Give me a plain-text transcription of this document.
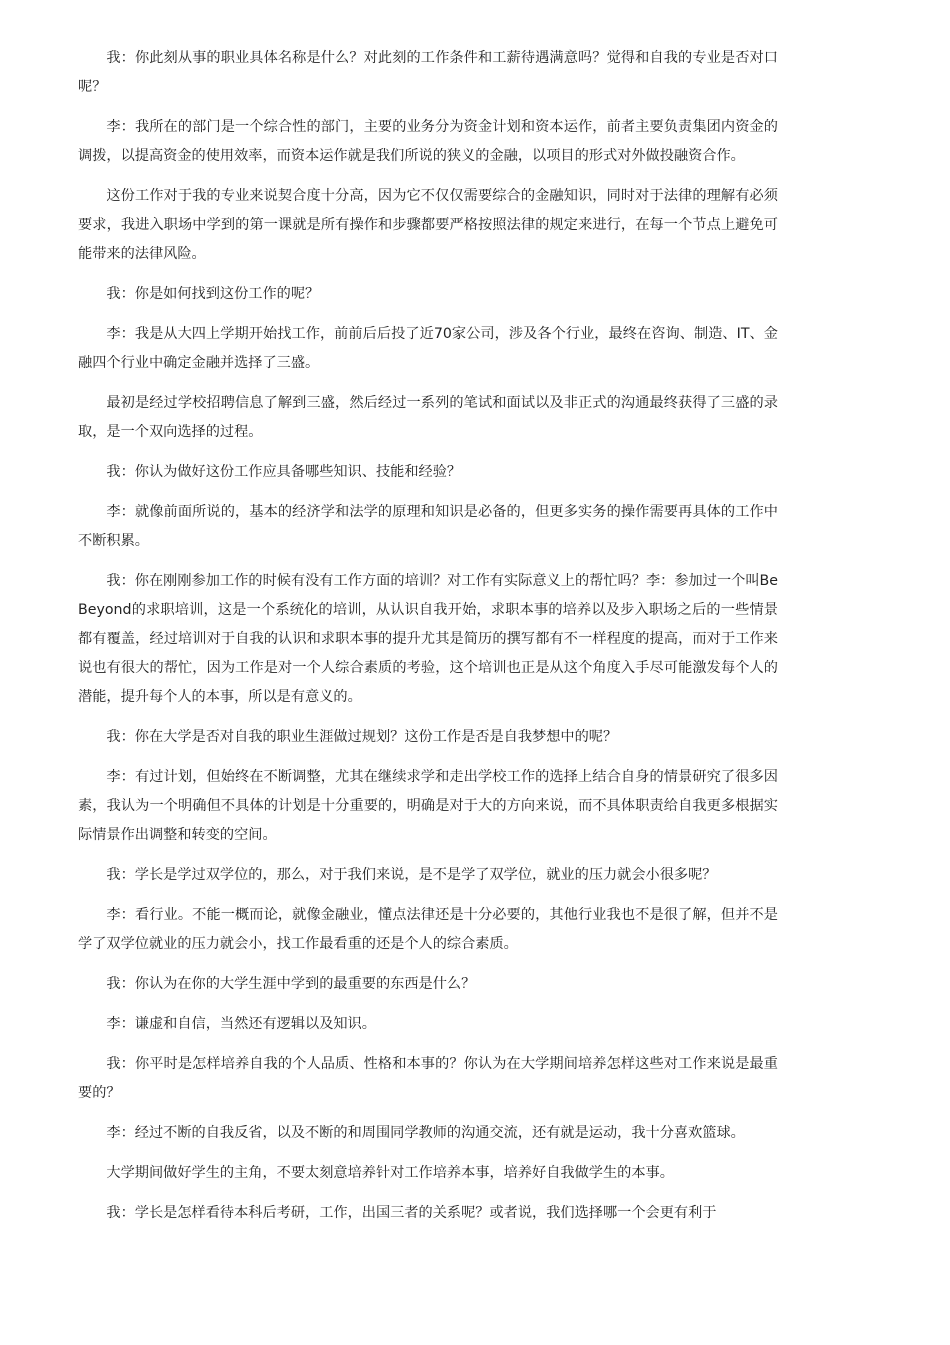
我：你此刻从事的职业具体名称是什么？对此刻的工作条件和工薪待遇满意吗？觉得和自我的专业是否对口呢？

李：我所在的部门是一个综合性的部门，主要的业务分为资金计划和资本运作，前者主要负责集团内资金的调拨，以提高资金的使用效率，而资本运作就是我们所说的狭义的金融，以项目的形式对外做投融资合作。

这份工作对于我的专业来说契合度十分高，因为它不仅仅需要综合的金融知识，同时对于法律的理解有必须要求，我进入职场中学到的第一课就是所有操作和步骤都要严格按照法律的规定来进行，在每一个节点上避免可能带来的法律风险。

我：你是如何找到这份工作的呢？

李：我是从大四上学期开始找工作，前前后后投了近70家公司，涉及各个行业，最终在咨询、制造、IT、金融四个行业中确定金融并选择了三盛。

最初是经过学校招聘信息了解到三盛，然后经过一系列的笔试和面试以及非正式的沟通最终获得了三盛的录取，是一个双向选择的过程。

我：你认为做好这份工作应具备哪些知识、技能和经验？

李：就像前面所说的，基本的经济学和法学的原理和知识是必备的，但更多实务的操作需要再具体的工作中不断积累。

我：你在刚刚参加工作的时候有没有工作方面的培训？对工作有实际意义上的帮忙吗？李：参加过一个叫BeBeyond的求职培训，这是一个系统化的培训，从认识自我开始，求职本事的培养以及步入职场之后的一些情景都有覆盖，经过培训对于自我的认识和求职本事的提升尤其是简历的撰写都有不一样程度的提高，而对于工作来说也有很大的帮忙，因为工作是对一个人综合素质的考验，这个培训也正是从这个角度入手尽可能激发每个人的潜能，提升每个人的本事，所以是有意义的。

我：你在大学是否对自我的职业生涯做过规划？这份工作是否是自我梦想中的呢？

李：有过计划，但始终在不断调整，尤其在继续求学和走出学校工作的选择上结合自身的情景研究了很多因素，我认为一个明确但不具体的计划是十分重要的，明确是对于大的方向来说，而不具体职责给自我更多根据实际情景作出调整和转变的空间。

我：学长是学过双学位的，那么，对于我们来说，是不是学了双学位，就业的压力就会小很多呢？

李：看行业。不能一概而论，就像金融业，懂点法律还是十分必要的，其他行业我也不是很了解，但并不是学了双学位就业的压力就会小，找工作最看重的还是个人的综合素质。

我：你认为在你的大学生涯中学到的最重要的东西是什么？

李：谦虚和自信，当然还有逻辑以及知识。

我：你平时是怎样培养自我的个人品质、性格和本事的？你认为在大学期间培养怎样这些对工作来说是最重要的？

李：经过不断的自我反省，以及不断的和周围同学教师的沟通交流，还有就是运动，我十分喜欢篮球。

大学期间做好学生的主角，不要太刻意培养针对工作培养本事，培养好自我做学生的本事。

我：学长是怎样看待本科后考研，工作，出国三者的关系呢？或者说，我们选择哪一个会更有利于
